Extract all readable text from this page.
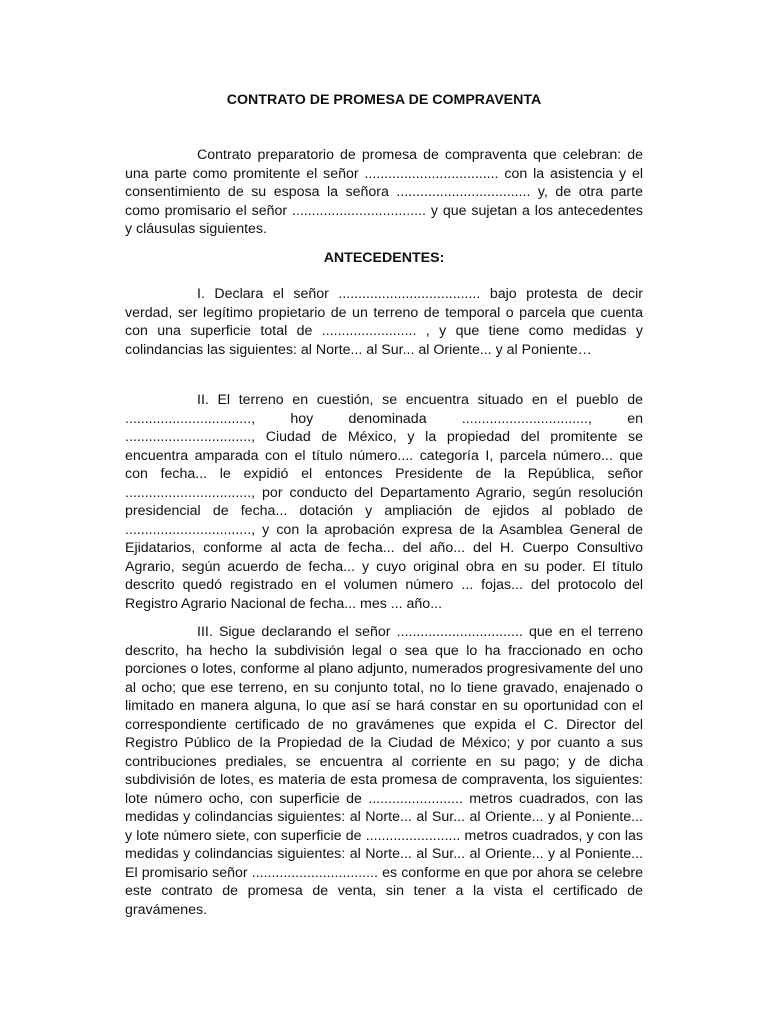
CONTRATO DE PROMESA DE COMPRAVENTA

Contrato preparatorio de promesa de compraventa que celebran: de una parte como promitente el señor .................................. con la asistencia y el consentimiento de su esposa la señora .................................. y, de otra parte como promisario el señor .................................. y que sujetan a los antecedentes y cláusulas siguientes.

ANTECEDENTES:

I. Declara el señor .................................... bajo protesta de decir verdad, ser legítimo propietario de un terreno de temporal o parcela que cuenta con una superficie total de ........................ , y que tiene como medidas y colindancias las siguientes: al Norte... al Sur... al Oriente... y al Poniente…

II. El terreno en cuestión, se encuentra situado en el pueblo de ................................, hoy denominada ................................, en ................................, Ciudad de México, y la propiedad del promitente se encuentra amparada con el título número.... categoría I, parcela número... que con fecha... le expidió el entonces Presidente de la República, señor ................................, por conducto del Departamento Agrario, según resolución presidencial de fecha... dotación y ampliación de ejidos al poblado de ................................, y con la aprobación expresa de la Asamblea General de Ejidatarios, conforme al acta de fecha... del año... del H. Cuerpo Consultivo Agrario, según acuerdo de fecha... y cuyo original obra en su poder. El título descrito quedó registrado en el volumen número ... fojas... del protocolo del Registro Agrario Nacional de fecha... mes ... año...

III. Sigue declarando el señor ................................ que en el terreno descrito, ha hecho la subdivisión legal o sea que lo ha fraccionado en ocho porciones o lotes, conforme al plano adjunto, numerados progresivamente del uno al ocho; que ese terreno, en su conjunto total, no lo tiene gravado, enajenado o limitado en manera alguna, lo que así se hará constar en su oportunidad con el correspondiente certificado de no gravámenes que expida el C. Director del Registro Público de la Propiedad de la Ciudad de México; y por cuanto a sus contribuciones prediales, se encuentra al corriente en su pago; y de dicha subdivisión de lotes, es materia de esta promesa de compraventa, los siguientes: lote número ocho, con superficie de ........................ metros cuadrados, con las medidas y colindancias siguientes: al Norte... al Sur... al Oriente... y al Poniente... y lote número siete, con superficie de ........................ metros cuadrados, y con las medidas y colindancias siguientes: al Norte... al Sur... al Oriente... y al Poniente... El promisario señor ................................ es conforme en que por ahora se celebre este contrato de promesa de venta, sin tener a la vista el certificado de gravámenes.
